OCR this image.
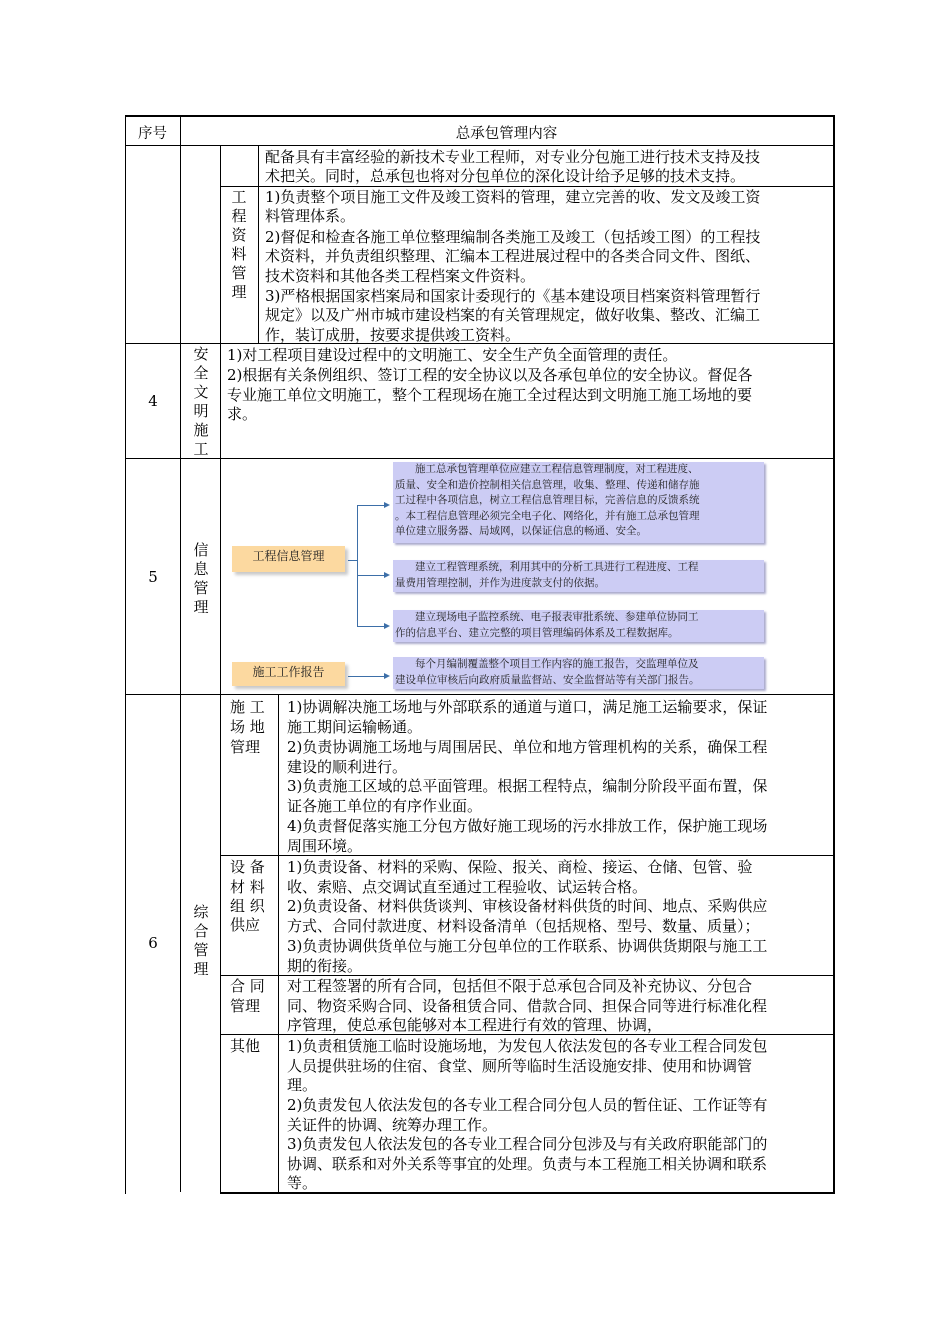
序号	总承包管理内容
配备具有丰富经验的新技术专业工程师，对专业分包施工进行技术支持及技
术把关。同时，总承包也将对分包单位的深化设计给予足够的技术支持。
工
程
资
料
管
理
1)负责整个项目施工文件及竣工资料的管理，建立完善的收、发文及竣工资
料管理体系。
2)督促和检查各施工单位整理编制各类施工及竣工（包括竣工图）的工程技
术资料，并负责组织整理、汇编本工程进展过程中的各类合同文件、图纸、
技术资料和其他各类工程档案文件资料。
3)严格根据国家档案局和国家计委现行的《基本建设项目档案资料管理暂行
规定》以及广州市城市建设档案的有关管理规定，做好收集、整改、汇编工
作，装订成册，按要求提供竣工资料。
4
安
全
文
明
施
工
1)对工程项目建设过程中的文明施工、安全生产负全面管理的责任。
2)根据有关条例组织、签订工程的安全协议以及各承包单位的安全协议。督促各
专业施工单位文明施工，整个工程现场在施工全过程达到文明施工施工场地的要
求。
5
信
息
管
理
工程信息管理
施工工作报告
施工总承包管理单位应建立工程信息管理制度，对工程进度、
质量、安全和造价控制相关信息管理，收集、整理、传递和储存施
工过程中各项信息，树立工程信息管理目标，完善信息的反馈系统
。本工程信息管理必须完全电子化、网络化，并有施工总承包管理
单位建立服务器、局域网，以保证信息的畅通、安全。
建立工程管理系统，利用其中的分析工具进行工程进度、工程
量费用管理控制，并作为进度款支付的依据。
建立现场电子监控系统、电子报表审批系统、参建单位协同工
作的信息平台、建立完整的项目管理编码体系及工程数据库。
每个月编制覆盖整个项目工作内容的施工报告，交监理单位及
建设单位审核后向政府质量监督站、安全监督站等有关部门报告。
6
综
合
管
理
施 工
场 地
管理
1)协调解决施工场地与外部联系的通道与道口，满足施工运输要求，保证
施工期间运输畅通。
2)负责协调施工场地与周围居民、单位和地方管理机构的关系，确保工程
建设的顺利进行。
3)负责施工区域的总平面管理。根据工程特点，编制分阶段平面布置，保
证各施工单位的有序作业面。
4)负责督促落实施工分包方做好施工现场的污水排放工作，保护施工现场
周围环境。
设 备
材 料
组 织
供应
1)负责设备、材料的采购、保险、报关、商检、接运、仓储、包管、验
收、索赔、点交调试直至通过工程验收、试运转合格。
2)负责设备、材料供货谈判、审核设备材料供货的时间、地点、采购供应
方式、合同付款进度、材料设备清单（包括规格、型号、数量、质量）；
3)负责协调供货单位与施工分包单位的工作联系、协调供货期限与施工工
期的衔接。
合 同
管理
对工程签署的所有合同，包括但不限于总承包合同及补充协议、分包合
同、物资采购合同、设备租赁合同、借款合同、担保合同等进行标准化程
序管理，使总承包能够对本工程进行有效的管理、协调，
其他 1)负责租赁施工临时设施场地，为发包人依法发包的各专业工程合同发包
人员提供驻场的住宿、食堂、厕所等临时生活设施安排、使用和协调管
理。
2)负责发包人依法发包的各专业工程合同分包人员的暂住证、工作证等有
关证件的协调、统筹办理工作。
3)负责发包人依法发包的各专业工程合同分包涉及与有关政府职能部门的
协调、联系和对外关系等事宜的处理。负责与本工程施工相关协调和联系
等。
